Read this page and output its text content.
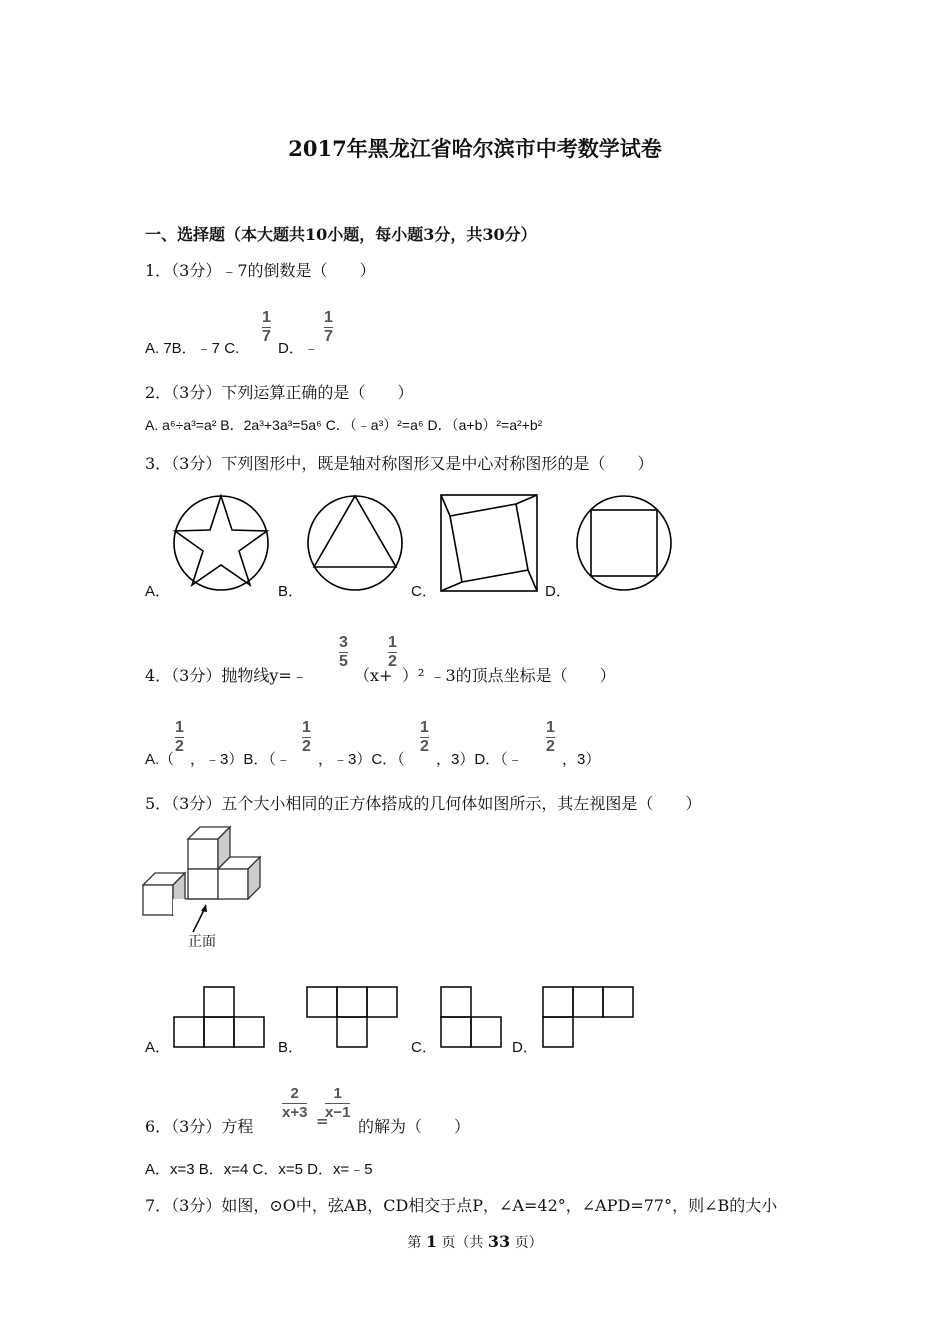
2017年黑龙江省哈尔滨市中考数学试卷
一、选择题（本大题共10小题，每小题3分，共30分）
1．（3分）﹣7的倒数是（　　）
A. 7B．﹣7 C.
$\frac{1}{7}$
D．﹣
$\frac{1}{7}$
2．（3分）下列运算正确的是（　　）
A. a⁶÷a³=a² B．2a³+3a³=5a⁶ C．（﹣a³）²=a⁶ D．（a+b）²=a²+b²
3．（3分）下列图形中，既是轴对称图形又是中心对称图形的是（　　）
A．	B．	C．	D．
4．（3分）抛物线y=﹣
$\frac{3}{5}$
（x+
$\frac{1}{2}$
）² ﹣3的顶点坐标是（　　）
A.（
$\frac{1}{2}$
，﹣3）B．（﹣
$\frac{1}{2}$
，﹣3）C．（
$\frac{1}{2}$
，3）D．（﹣
$\frac{1}{2}$
，3）
5．（3分）五个大小相同的正方体搭成的几何体如图所示，其左视图是（　　）
正面
A．	B．	C．	D．
6．（3分）方程
$\frac{2}{x+3}$ =
$\frac{1}{x-1}$
的解为（　　）
A．x=3 B．x=4 C．x=5 D．x=﹣5
7．（3分）如图，⊙O中，弦AB，CD相交于点P，∠A=42°，∠APD=77°，则∠B的大小
第 1 页（共 33 页）
